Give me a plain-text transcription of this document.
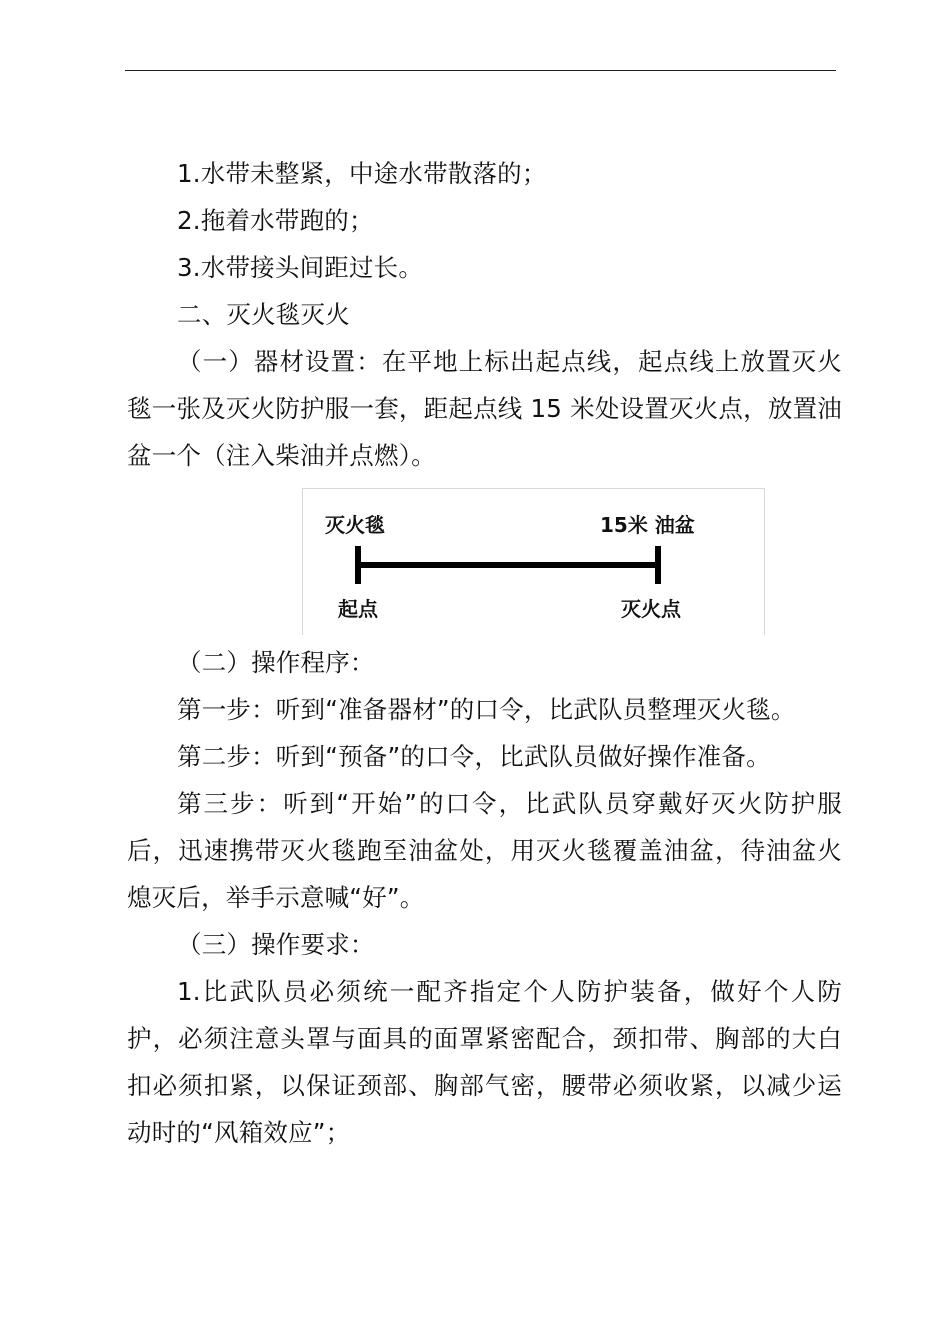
1.水带未整紧，中途水带散落的；

2.拖着水带跑的；

3.水带接头间距过长。

二、灭火毯灭火

（一）器材设置：在平地上标出起点线，起点线上放置灭火毯一张及灭火防护服一套，距起点线 15 米处设置灭火点，放置油盆一个（注入柴油并点燃）。

灭火毯	15米 油盆
起点	灭火点

（二）操作程序：

第一步：听到“准备器材”的口令，比武队员整理灭火毯。

第二步：听到“预备”的口令，比武队员做好操作准备。

第三步：听到“开始”的口令，比武队员穿戴好灭火防护服后，迅速携带灭火毯跑至油盆处，用灭火毯覆盖油盆，待油盆火熄灭后，举手示意喊“好”。

（三）操作要求：

1.比武队员必须统一配齐指定个人防护装备，做好个人防护，必须注意头罩与面具的面罩紧密配合，颈扣带、胸部的大白扣必须扣紧，以保证颈部、胸部气密，腰带必须收紧，以减少运动时的“风箱效应”；
